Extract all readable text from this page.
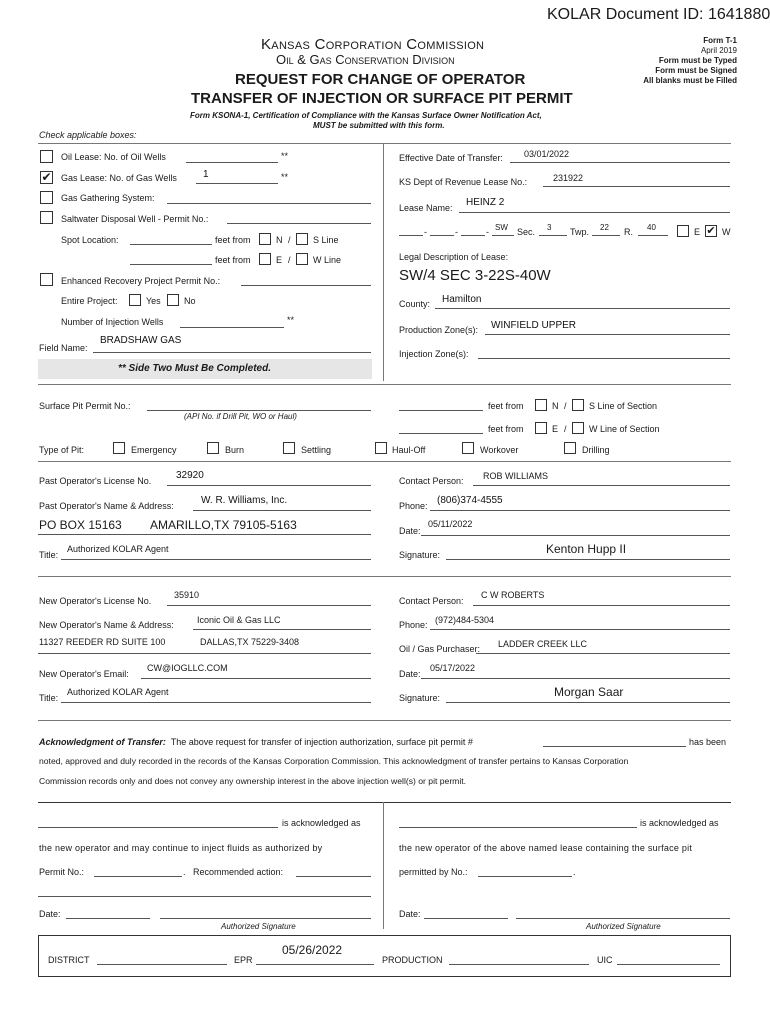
KOLAR Document ID: 1641880
Kansas Corporation Commission
Oil & Gas Conservation Division
REQUEST FOR CHANGE OF OPERATOR
TRANSFER OF INJECTION OR SURFACE PIT PERMIT
Form KSONA-1, Certification of Compliance with the Kansas Surface Owner Notification Act,
MUST be submitted with this form.
Form T-1
April 2019
Form must be Typed
Form must be Signed
All blanks must be Filled
Check applicable boxes:
Oil Lease: No. of Oil Wells	**
✔ Gas Lease: No. of Gas Wells	1	**
Gas Gathering System:
Saltwater Disposal Well - Permit No.:
Spot Location:	feet from	N / S Line
feet from	E / W Line
Enhanced Recovery Project Permit No.:
Entire Project:	Yes	No
Number of Injection Wells	**
Field Name:
BRADSHAW GAS
** Side Two Must Be Completed.
Effective Date of Transfer: 03/01/2022
KS Dept of Revenue Lease No.:	231922
Lease Name: HEINZ 2
-	-	- SW Sec. 3 Twp. 22 R. 40	E ✔ W
Legal Description of Lease:
SW/4 SEC 3-22S-40W
County: Hamilton
Production Zone(s): WINFIELD UPPER
Injection Zone(s):
Surface Pit Permit No.:
(API No. if Drill Pit, WO or Haul)
feet from	N / S Line of Section
feet from	E / W Line of Section
Type of Pit:	Emergency	Burn	Settling	Haul-Off	Workover	Drilling
Past Operator's License No. 32920	Contact Person: ROB WILLIAMS
Past Operator's Name & Address:	W. R. Williams, Inc.	Phone: (806)374-4555
PO BOX 15163 AMARILLO,TX 79105-5163	Date:
05/11/2022
Title:
Authorized KOLAR Agent
Signature:	Kenton Hupp II
New Operator's License No.
35910
Contact Person:
C W ROBERTS
New Operator's Name & Address:	Iconic Oil & Gas LLC	Phone: (972)484-5304
11327 REEDER RD SUITE 100	DALLAS,TX 75229-3408
Oil / Gas Purchaser: LADDER CREEK LLC
New Operator's Email:
CW@IOGLLC.COM
Date:
05/17/2022
Title:
Authorized KOLAR Agent
Signature:	Morgan Saar
Acknowledgment of Transfer: The above request for transfer of injection authorization, surface pit permit #	has been
noted, approved and duly recorded in the records of the Kansas Corporation Commission. This acknowledgment of transfer pertains to Kansas Corporation
Commission records only and does not convey any ownership interest in the above injection well(s) or pit permit.
is acknowledged as
the new operator and may continue to inject fluids as authorized by
Permit No.:	. Recommended action:
Date:
Authorized Signature
is acknowledged as
the new operator of the above named lease containing the surface pit
permitted by No.:	.
Date:
Authorized Signature
DISTRICT	EPR
05/26/2022
PRODUCTION	UIC
